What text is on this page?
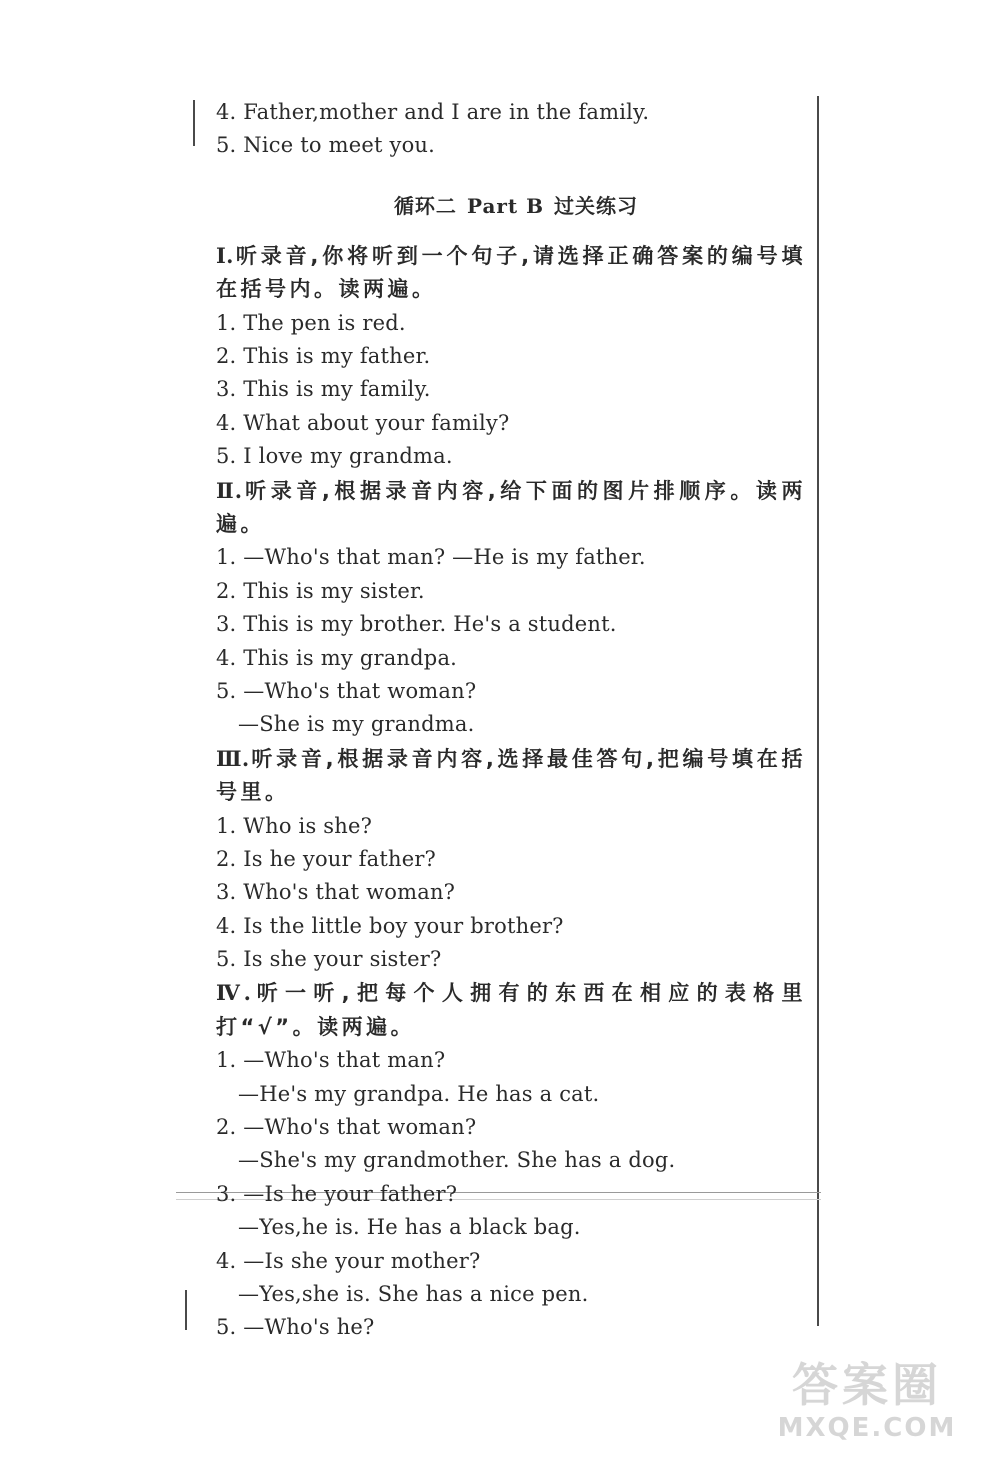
4. Father,mother and I are in the family.
5. Nice to meet you.
循环二 Part B 过关练习
Ⅰ.听录音,你将听到一个句子,请选择正确答案的编号填在括号内。读两遍。
1. The pen is red.
2. This is my father.
3. This is my family.
4. What about your family?
5. I love my grandma.
Ⅱ.听录音,根据录音内容,给下面的图片排顺序。读两遍。
1. —Who's that man? —He is my father.
2. This is my sister.
3. This is my brother. He's a student.
4. This is my grandpa.
5. —Who's that woman?
—She is my grandma.
Ⅲ.听录音,根据录音内容,选择最佳答句,把编号填在括号里。
1. Who is she?
2. Is he your father?
3. Who's that woman?
4. Is the little boy your brother?
5. Is she your sister?
Ⅳ.听一听,把每个人拥有的东西在相应的表格里打“√”。读两遍。
1. —Who's that man?
—He's my grandpa. He has a cat.
2. —Who's that woman?
—She's my grandmother. She has a dog.
3. —Is he your father?
—Yes,he is. He has a black bag.
4. —Is she your mother?
—Yes,she is. She has a nice pen.
5. —Who's he?
答案圈
MXQE.COM
